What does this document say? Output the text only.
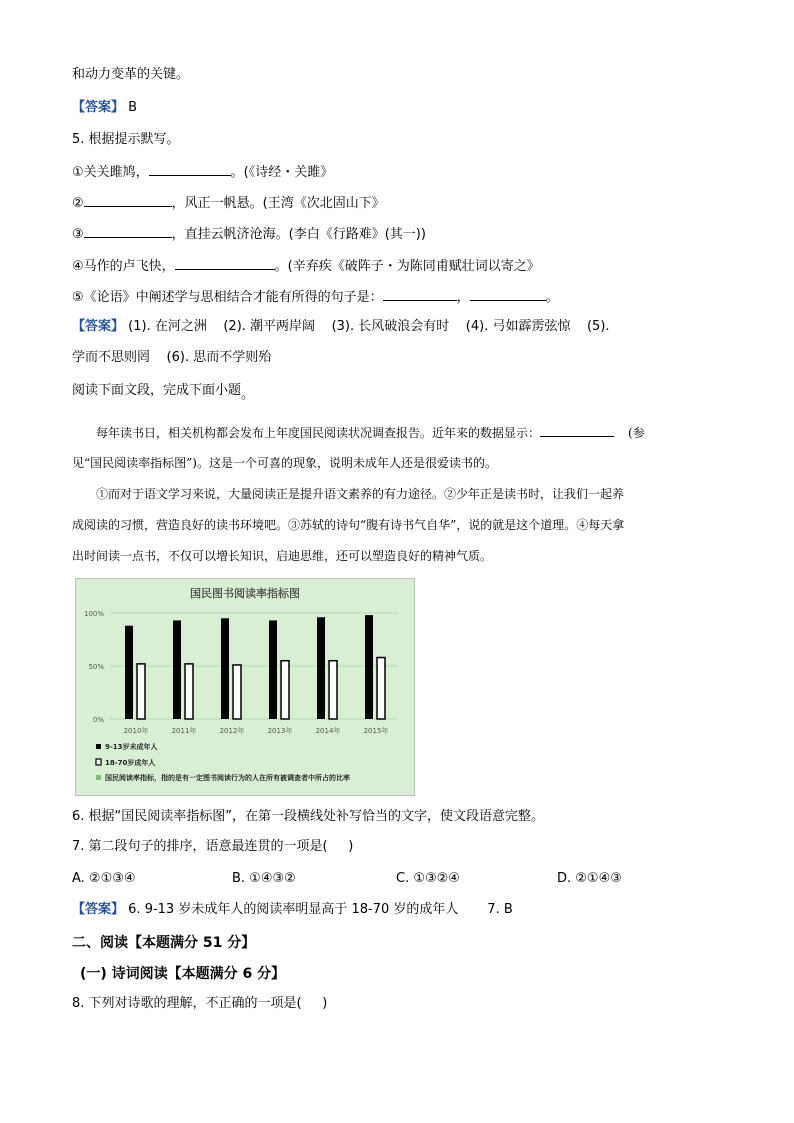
和动力变革的关键。
【答案】 B
5. 根据提示默写。
①关关雎鸠，	。(《诗经・关雎》
②	，风正一帆悬。(王湾《次北固山下》
③	，直挂云帆济沧海。(李白《行路难》(其一))
④马作的卢飞快，	。(辛弃疾《破阵子・为陈同甫赋壮词以寄之》
⑤《论语》中阐述学与思相结合才能有所得的句子是：	，	。
【答案】 (1). 在河之洲    (2). 潮平两岸阔    (3). 长风破浪会有时    (4). 弓如霹雳弦惊    (5).
学而不思则罔    (6). 思而不学则殆
阅读下面文段，完成下面小题。
每年读书日，相关机构都会发布上年度国民阅读状况调查报告。近年来的数据显示：	(参
见“国民阅读率指标图”)。这是一个可喜的现象，说明未成年人还是很爱读书的。
①而对于语文学习来说，大量阅读正是提升语文素养的有力途径。②少年正是读书时，让我们一起养
成阅读的习惯，营造良好的读书环境吧。③苏轼的诗句“腹有诗书气自华”，说的就是这个道理。④每天拿
出时间读一点书，不仅可以增长知识，启迪思维，还可以塑造良好的精神气质。
国民图书阅读率指标图
0%
50%
100%
2010年	2011年	2012年	2013年	2014年	2015年
9-13岁未成年人
18-70岁成年人
国民阅读率指标，指的是有一定图书阅读行为的人在所有被调查者中所占的比率
6. 根据“国民阅读率指标图”，在第一段横线处补写恰当的文字，使文段语意完整。
7. 第二段句子的排序，语意最连贯的一项是(     )
A. ②①③④	B. ①④③②	C. ①③②④	D. ②①④③
【答案】 6. 9-13 岁未成年人的阅读率明显高于 18-70 岁的成年人       7. B
二、阅读【本题满分 51 分】
(一) 诗词阅读【本题满分 6 分】
8. 下列对诗歌的理解，不正确的一项是(     )
